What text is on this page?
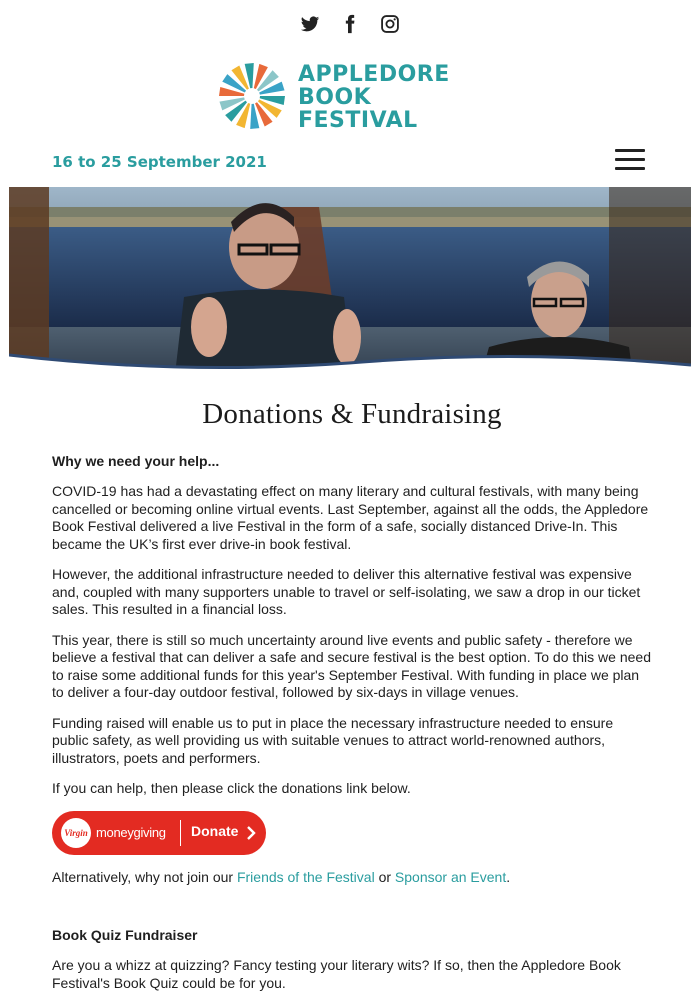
APPLEDORE
BOOK
FESTIVAL
16 to 25 September 2021
Donations & Fundraising
Why we need your help...

COVID-19 has had a devastating effect on many literary and cultural festivals, with many being cancelled or becoming online virtual events. Last September, against all the odds, the Appledore Book Festival delivered a live Festival in the form of a safe, socially distanced Drive-In. This became the UK’s first ever drive-in book festival.

However, the additional infrastructure needed to deliver this alternative festival was expensive and, coupled with many supporters unable to travel or self-isolating, we saw a drop in our ticket sales. This resulted in a financial loss.

This year, there is still so much uncertainty around live events and public safety - therefore we believe a festival that can deliver a safe and secure festival is the best option. To do this we need to raise some additional funds for this year's September Festival. With funding in place we plan to deliver a four-day outdoor festival, followed by six-days in village venues.

Funding raised will enable us to put in place the necessary infrastructure needed to ensure public safety, as well providing us with suitable venues to attract world-renowned authors, illustrators, poets and performers.

If you can help, then please click the donations link below.

Virgin moneygiving Donate

Alternatively, why not join our Friends of the Festival or Sponsor an Event.

Book Quiz Fundraiser

Are you a whizz at quizzing? Fancy testing your literary wits? If so, then the Appledore Book Festival's Book Quiz could be for you.
